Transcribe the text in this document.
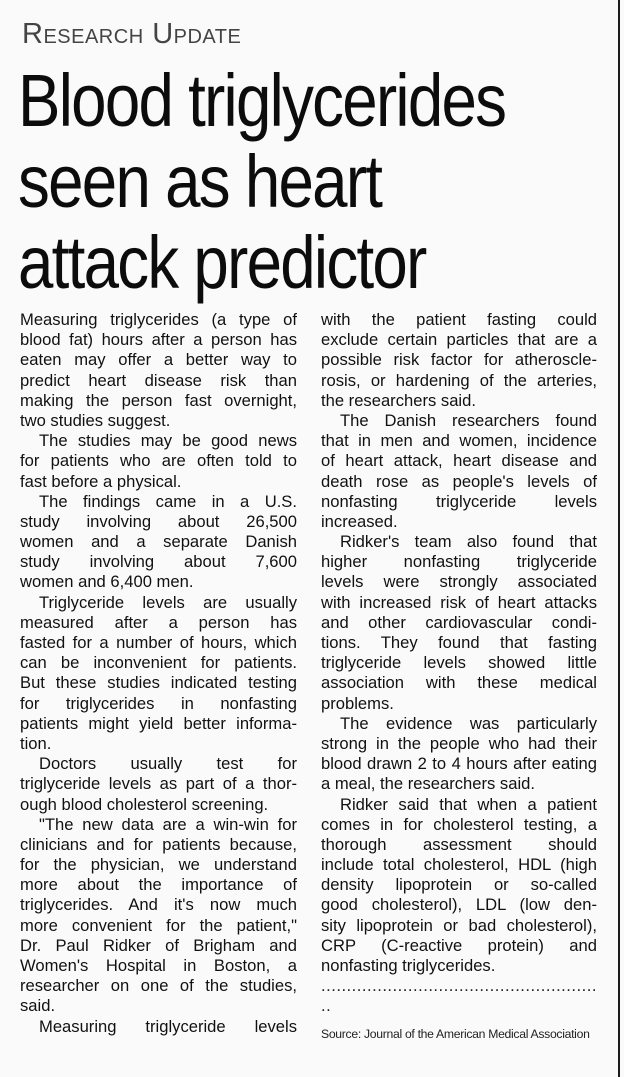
Research Update
Blood triglycerides
seen as heart
attack predictor
Measuring triglycerides (a type of
blood fat) hours after a person has
eaten may offer a better way to
predict heart disease risk than
making the person fast overnight,
two studies suggest.
The studies may be good news
for patients who are often told to
fast before a physical.
The findings came in a U.S.
study involving about 26,500
women and a separate Danish
study involving about 7,600
women and 6,400 men.
Triglyceride levels are usually
measured after a person has
fasted for a number of hours, which
can be inconvenient for patients.
But these studies indicated testing
for triglycerides in nonfasting
patients might yield better informa-
tion.
Doctors usually test for
triglyceride levels as part of a thor-
ough blood cholesterol screening.
"The new data are a win-win for
clinicians and for patients because,
for the physician, we understand
more about the importance of
triglycerides. And it's now much
more convenient for the patient,"
Dr. Paul Ridker of Brigham and
Women's Hospital in Boston, a
researcher on one of the studies,
said.
Measuring triglyceride levels
with the patient fasting could
exclude certain particles that are a
possible risk factor for atheroscle-
rosis, or hardening of the arteries,
the researchers said.
The Danish researchers found
that in men and women, incidence
of heart attack, heart disease and
death rose as people's levels of
nonfasting triglyceride levels
increased.
Ridker's team also found that
higher nonfasting triglyceride
levels were strongly associated
with increased risk of heart attacks
and other cardiovascular condi-
tions. They found that fasting
triglyceride levels showed little
association with these medical
problems.
The evidence was particularly
strong in the people who had their
blood drawn 2 to 4 hours after eating
a meal, the researchers said.
Ridker said that when a patient
comes in for cholesterol testing, a
thorough assessment should
include total cholesterol, HDL (high
density lipoprotein or so-called
good cholesterol), LDL (low den-
sity lipoprotein or bad cholesterol),
CRP (C-reactive protein) and
nonfasting triglycerides.
......................................................
..
Source: Journal of the American Medical Association
